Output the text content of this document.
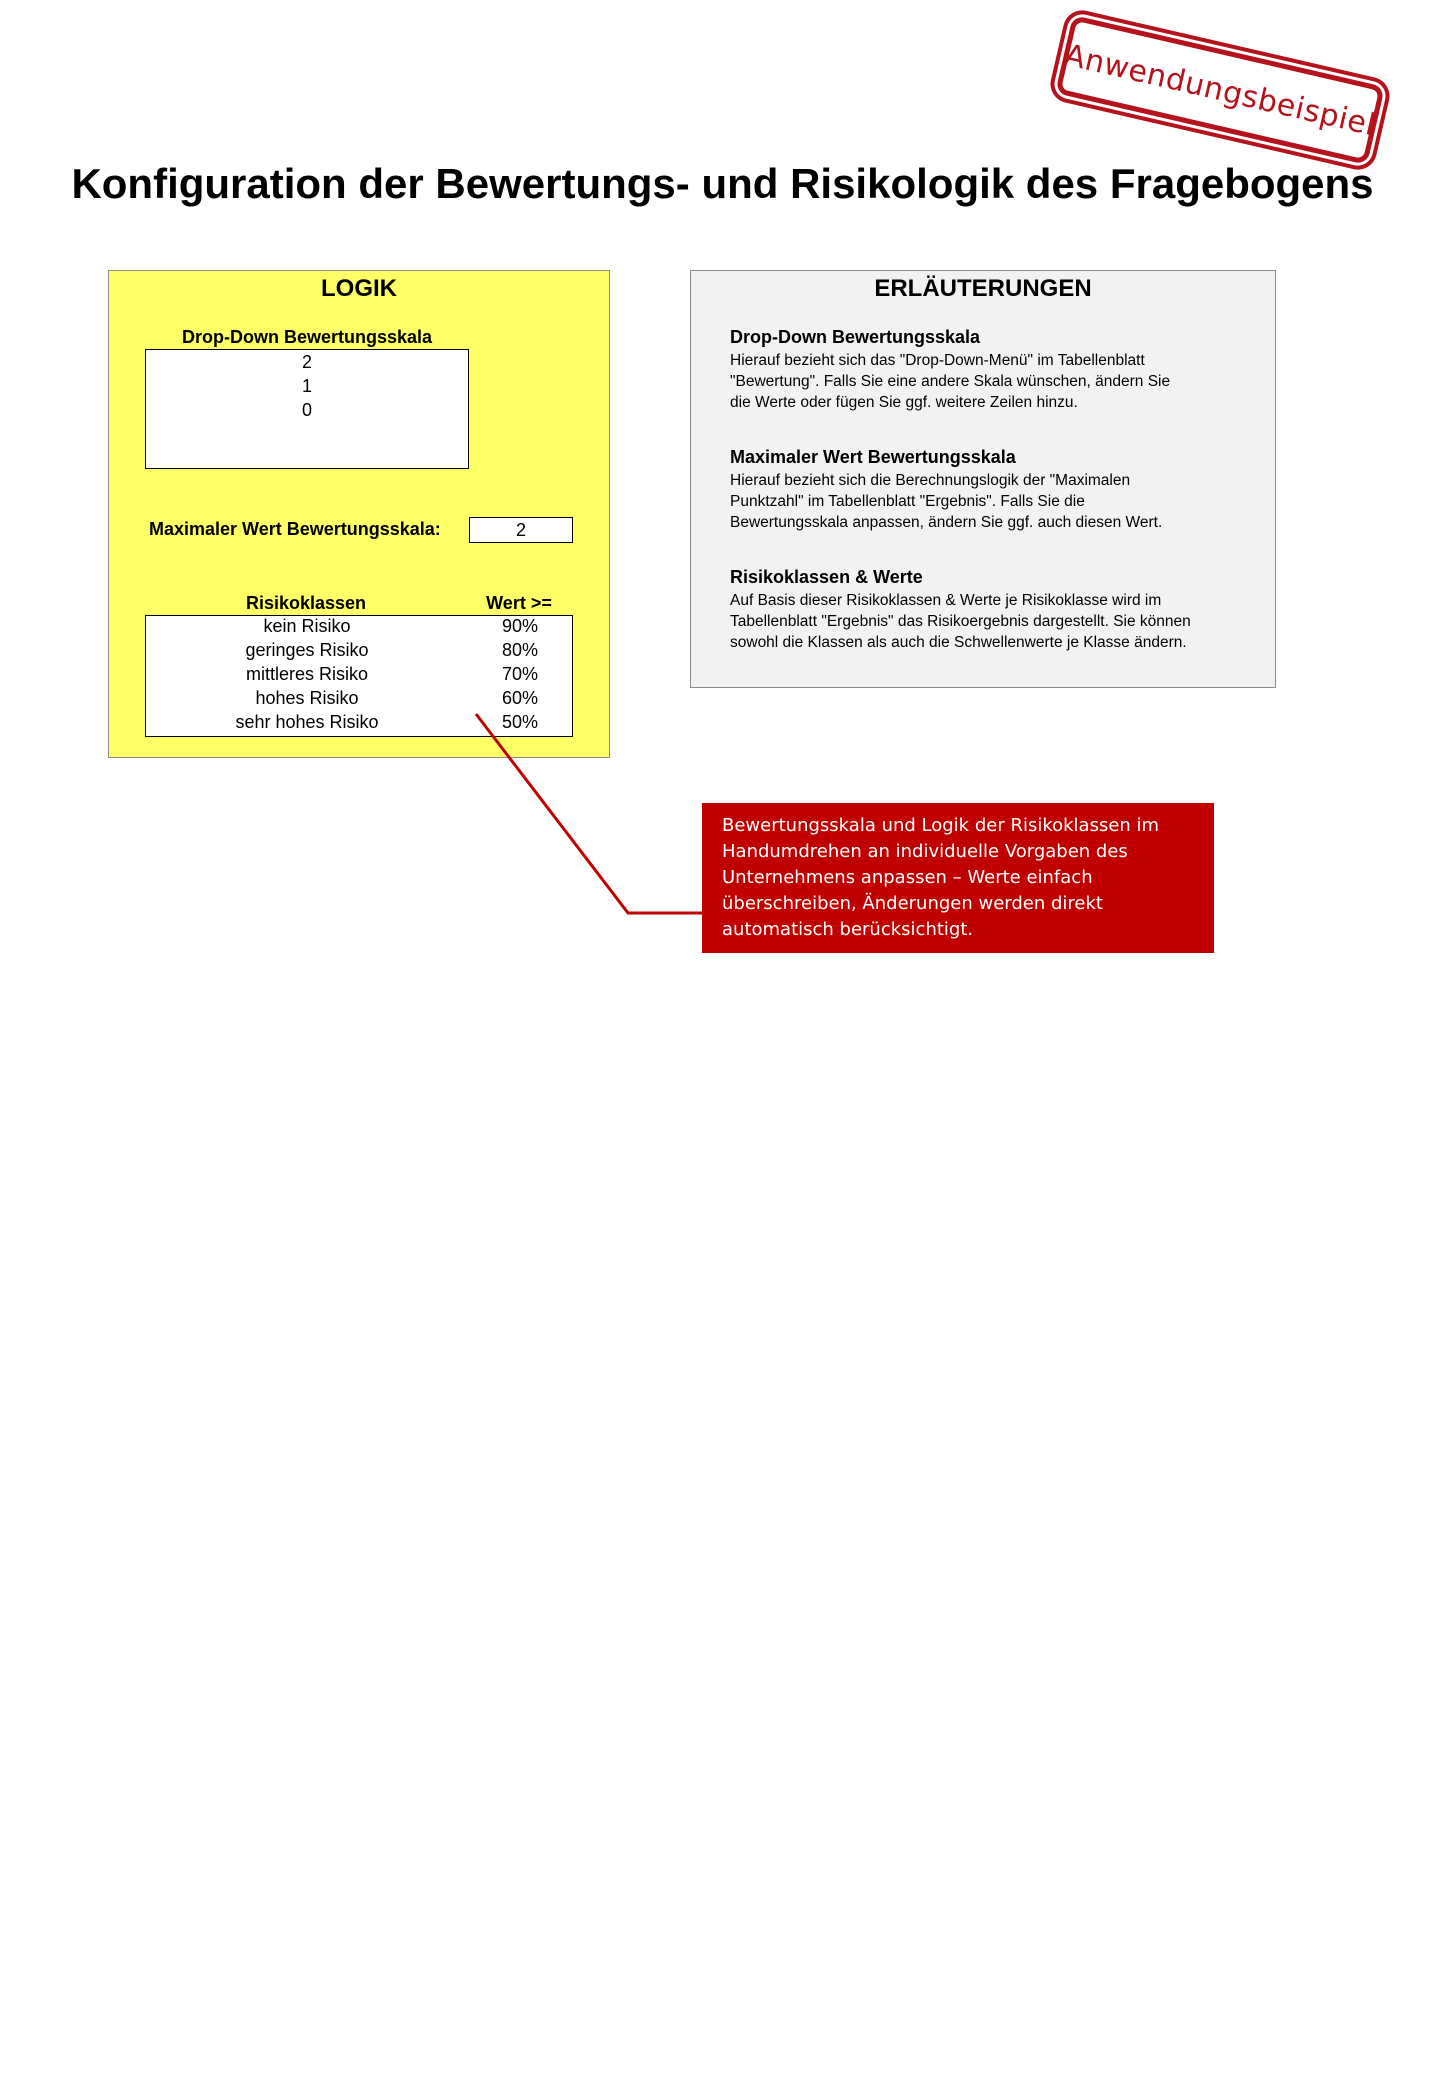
Anwendungsbeispiel
Konfiguration der Bewertungs- und Risikologik des Fragebogens
LOGIK
Drop-Down Bewertungsskala
2
1
0
Maximaler Wert Bewertungsskala:	2
Risikoklassen	Wert >=
kein Risiko	90%
geringes Risiko	80%
mittleres Risiko	70%
hohes Risiko	60%
sehr hohes Risiko	50%
ERLÄUTERUNGEN
Drop-Down Bewertungsskala
Hierauf bezieht sich das "Drop-Down-Menü" im Tabellenblatt
"Bewertung". Falls Sie eine andere Skala wünschen, ändern Sie
die Werte oder fügen Sie ggf. weitere Zeilen hinzu.
Maximaler Wert Bewertungsskala
Hierauf bezieht sich die Berechnungslogik der "Maximalen
Punktzahl" im Tabellenblatt "Ergebnis". Falls Sie die
Bewertungsskala anpassen, ändern Sie ggf. auch diesen Wert.
Risikoklassen & Werte
Auf Basis dieser Risikoklassen & Werte je Risikoklasse wird im
Tabellenblatt "Ergebnis" das Risikoergebnis dargestellt. Sie können
sowohl die Klassen als auch die Schwellenwerte je Klasse ändern.
Bewertungsskala und Logik der Risikoklassen im
Handumdrehen an individuelle Vorgaben des
Unternehmens anpassen – Werte einfach
überschreiben, Änderungen werden direkt
automatisch berücksichtigt.
